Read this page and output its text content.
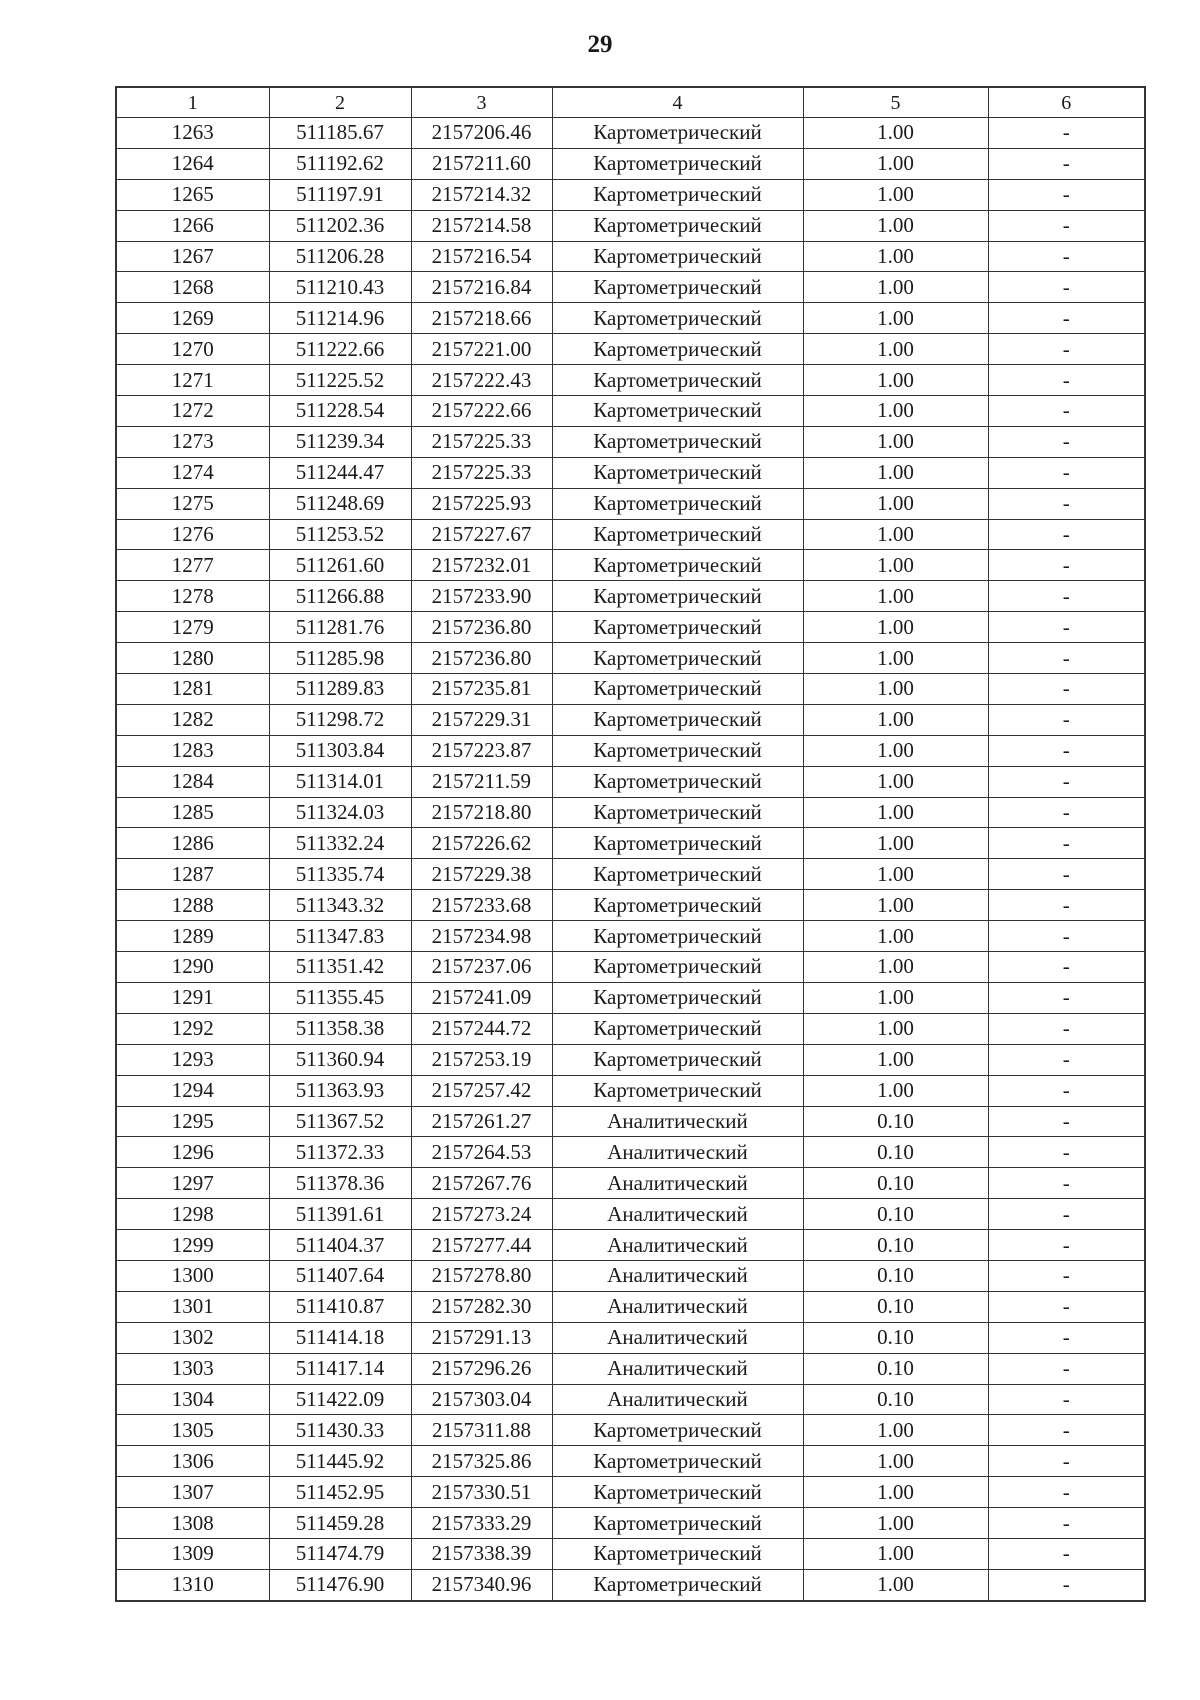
29
1	2	3	4	5	6
1263	511185.67	2157206.46	Картометрический	1.00	-
1264	511192.62	2157211.60	Картометрический	1.00	-
1265	511197.91	2157214.32	Картометрический	1.00	-
1266	511202.36	2157214.58	Картометрический	1.00	-
1267	511206.28	2157216.54	Картометрический	1.00	-
1268	511210.43	2157216.84	Картометрический	1.00	-
1269	511214.96	2157218.66	Картометрический	1.00	-
1270	511222.66	2157221.00	Картометрический	1.00	-
1271	511225.52	2157222.43	Картометрический	1.00	-
1272	511228.54	2157222.66	Картометрический	1.00	-
1273	511239.34	2157225.33	Картометрический	1.00	-
1274	511244.47	2157225.33	Картометрический	1.00	-
1275	511248.69	2157225.93	Картометрический	1.00	-
1276	511253.52	2157227.67	Картометрический	1.00	-
1277	511261.60	2157232.01	Картометрический	1.00	-
1278	511266.88	2157233.90	Картометрический	1.00	-
1279	511281.76	2157236.80	Картометрический	1.00	-
1280	511285.98	2157236.80	Картометрический	1.00	-
1281	511289.83	2157235.81	Картометрический	1.00	-
1282	511298.72	2157229.31	Картометрический	1.00	-
1283	511303.84	2157223.87	Картометрический	1.00	-
1284	511314.01	2157211.59	Картометрический	1.00	-
1285	511324.03	2157218.80	Картометрический	1.00	-
1286	511332.24	2157226.62	Картометрический	1.00	-
1287	511335.74	2157229.38	Картометрический	1.00	-
1288	511343.32	2157233.68	Картометрический	1.00	-
1289	511347.83	2157234.98	Картометрический	1.00	-
1290	511351.42	2157237.06	Картометрический	1.00	-
1291	511355.45	2157241.09	Картометрический	1.00	-
1292	511358.38	2157244.72	Картометрический	1.00	-
1293	511360.94	2157253.19	Картометрический	1.00	-
1294	511363.93	2157257.42	Картометрический	1.00	-
1295	511367.52	2157261.27	Аналитический	0.10	-
1296	511372.33	2157264.53	Аналитический	0.10	-
1297	511378.36	2157267.76	Аналитический	0.10	-
1298	511391.61	2157273.24	Аналитический	0.10	-
1299	511404.37	2157277.44	Аналитический	0.10	-
1300	511407.64	2157278.80	Аналитический	0.10	-
1301	511410.87	2157282.30	Аналитический	0.10	-
1302	511414.18	2157291.13	Аналитический	0.10	-
1303	511417.14	2157296.26	Аналитический	0.10	-
1304	511422.09	2157303.04	Аналитический	0.10	-
1305	511430.33	2157311.88	Картометрический	1.00	-
1306	511445.92	2157325.86	Картометрический	1.00	-
1307	511452.95	2157330.51	Картометрический	1.00	-
1308	511459.28	2157333.29	Картометрический	1.00	-
1309	511474.79	2157338.39	Картометрический	1.00	-
1310	511476.90	2157340.96	Картометрический	1.00	-
